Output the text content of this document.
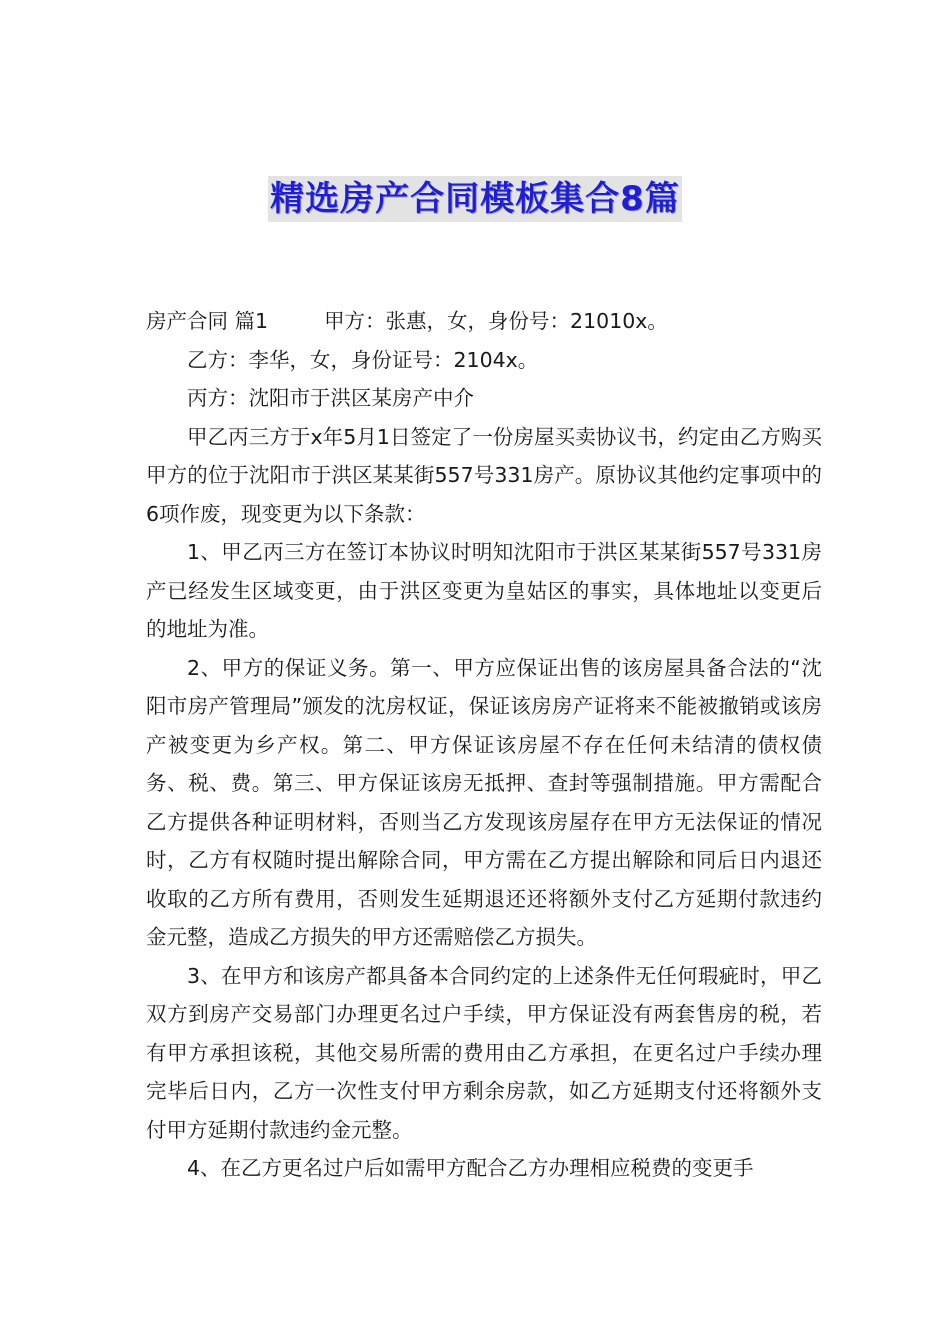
精选房产合同模板集合8篇

房产合同 篇1	甲方：张惠，女，身份号：21010x。

乙方：李华，女，身份证号：2104x。

丙方：沈阳市于洪区某房产中介

甲乙丙三方于x年5月1日签定了一份房屋买卖协议书，约定由乙方购买甲方的位于沈阳市于洪区某某街557号331房产。原协议其他约定事项中的6项作废，现变更为以下条款：

1、甲乙丙三方在签订本协议时明知沈阳市于洪区某某街557号331房产已经发生区域变更，由于洪区变更为皇姑区的事实，具体地址以变更后的地址为准。

2、甲方的保证义务。第一、甲方应保证出售的该房屋具备合法的“沈阳市房产管理局”颁发的沈房权证，保证该房房产证将来不能被撤销或该房产被变更为乡产权。第二、甲方保证该房屋不存在任何未结清的债权债务、税、费。第三、甲方保证该房无抵押、查封等强制措施。甲方需配合乙方提供各种证明材料，否则当乙方发现该房屋存在甲方无法保证的情况时，乙方有权随时提出解除合同，甲方需在乙方提出解除和同后日内退还收取的乙方所有费用，否则发生延期退还还将额外支付乙方延期付款违约金元整，造成乙方损失的甲方还需赔偿乙方损失。

3、在甲方和该房产都具备本合同约定的上述条件无任何瑕疵时，甲乙双方到房产交易部门办理更名过户手续，甲方保证没有两套售房的税，若有甲方承担该税，其他交易所需的费用由乙方承担，在更名过户手续办理完毕后日内，乙方一次性支付甲方剩余房款，如乙方延期支付还将额外支付甲方延期付款违约金元整。

4、在乙方更名过户后如需甲方配合乙方办理相应税费的变更手
